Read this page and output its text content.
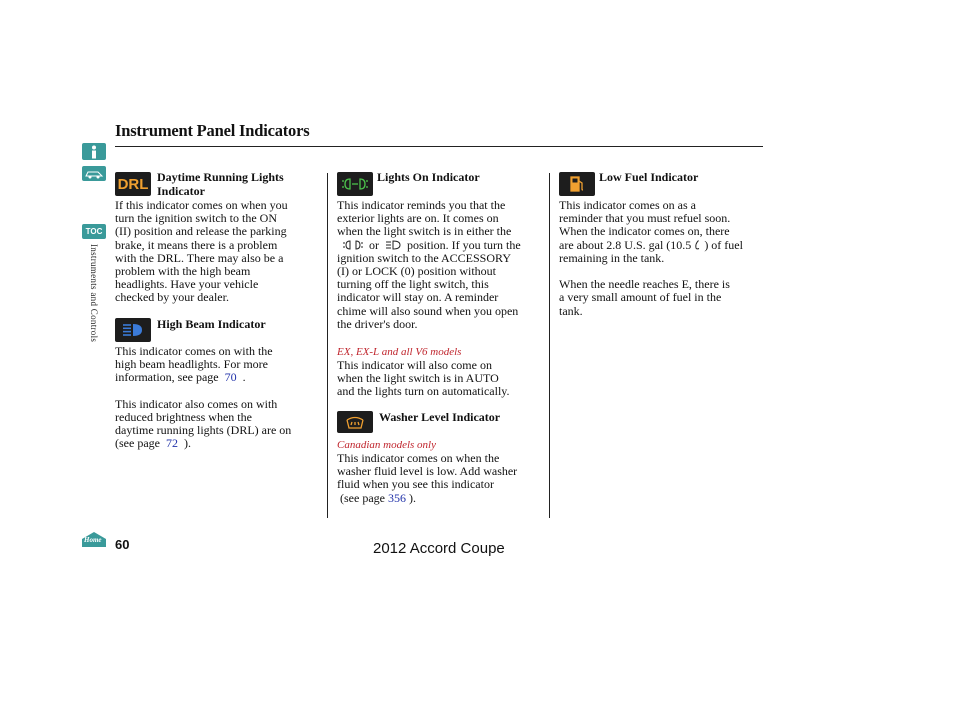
TOC
Instruments and Controls
Home
Instrument Panel Indicators
DRL Daytime Running Lights
Indicator
If this indicator comes on when you
turn the ignition switch to the ON
(II) position and release the parking
brake, it means there is a problem
with the DRL. There may also be a
problem with the high beam
headlights. Have your vehicle
checked by your dealer.
High Beam Indicator
This indicator comes on with the
high beam headlights. For more
information, see page 70 .
This indicator also comes on with
reduced brightness when the
daytime running lights (DRL) are on
(see page 72 ).
Lights On Indicator
This indicator reminds you that the
exterior lights are on. It comes on
when the light switch is in either the
or position. If you turn the
ignition switch to the ACCESSORY
(I) or LOCK (0) position without
turning off the light switch, this
indicator will stay on. A reminder
chime will also sound when you open
the driver's door.
EX, EX-L and all V6 models
This indicator will also come on
when the light switch is in AUTO
and the lights turn on automatically.
Washer Level Indicator
Canadian models only
This indicator comes on when the
washer fluid level is low. Add washer
fluid when you see this indicator
(see page 356 ).
Low Fuel Indicator
This indicator comes on as a
reminder that you must refuel soon.
When the indicator comes on, there
are about 2.8 U.S. gal (10.5 ) of fuel
remaining in the tank.
When the needle reaches E, there is
a very small amount of fuel in the
tank.
60	2012 Accord Coupe
